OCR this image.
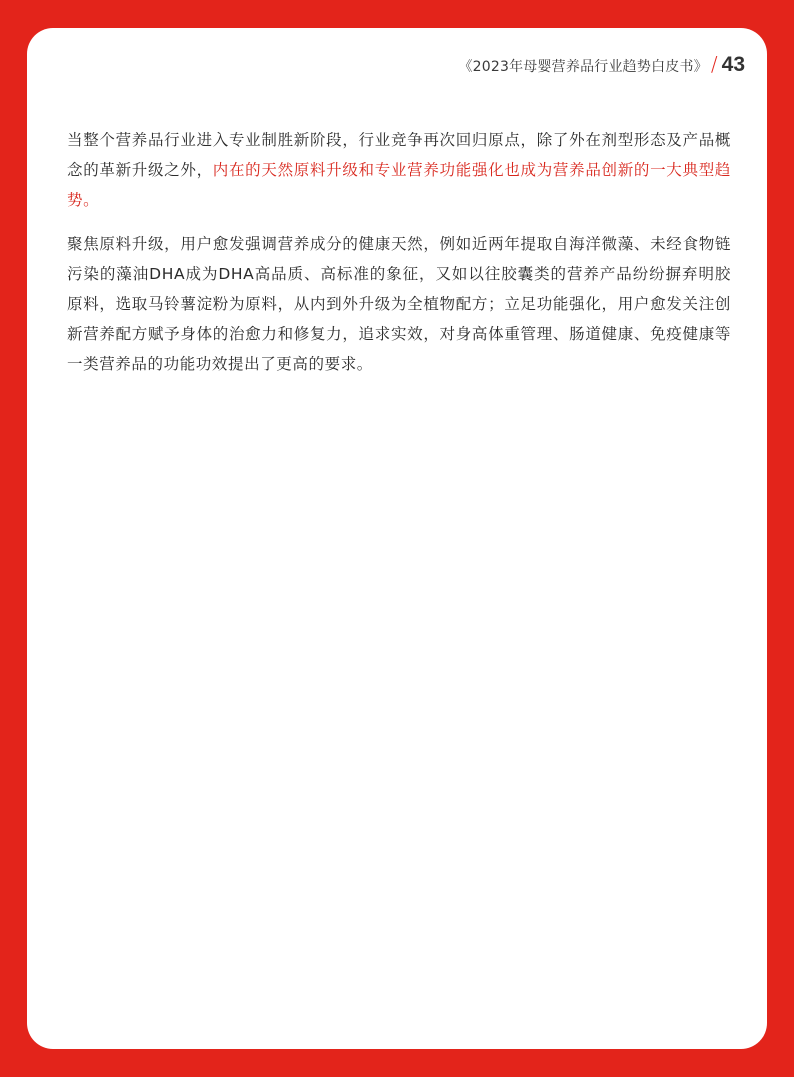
《2023年母婴营养品行业趋势白皮书》 / 43

当整个营养品行业进入专业制胜新阶段，行业竞争再次回归原点，除了外在剂型形态及产品概念的革新升级之外，内在的天然原料升级和专业营养功能强化也成为营养品创新的一大典型趋势。

聚焦原料升级，用户愈发强调营养成分的健康天然，例如近两年提取自海洋微藻、未经食物链污染的藻油DHA成为DHA高品质、高标准的象征，又如以往胶囊类的营养产品纷纷摒弃明胶原料，选取马铃薯淀粉为原料，从内到外升级为全植物配方；立足功能强化，用户愈发关注创新营养配方赋予身体的治愈力和修复力，追求实效，对身高体重管理、肠道健康、免疫健康等一类营养品的功能功效提出了更高的要求。
